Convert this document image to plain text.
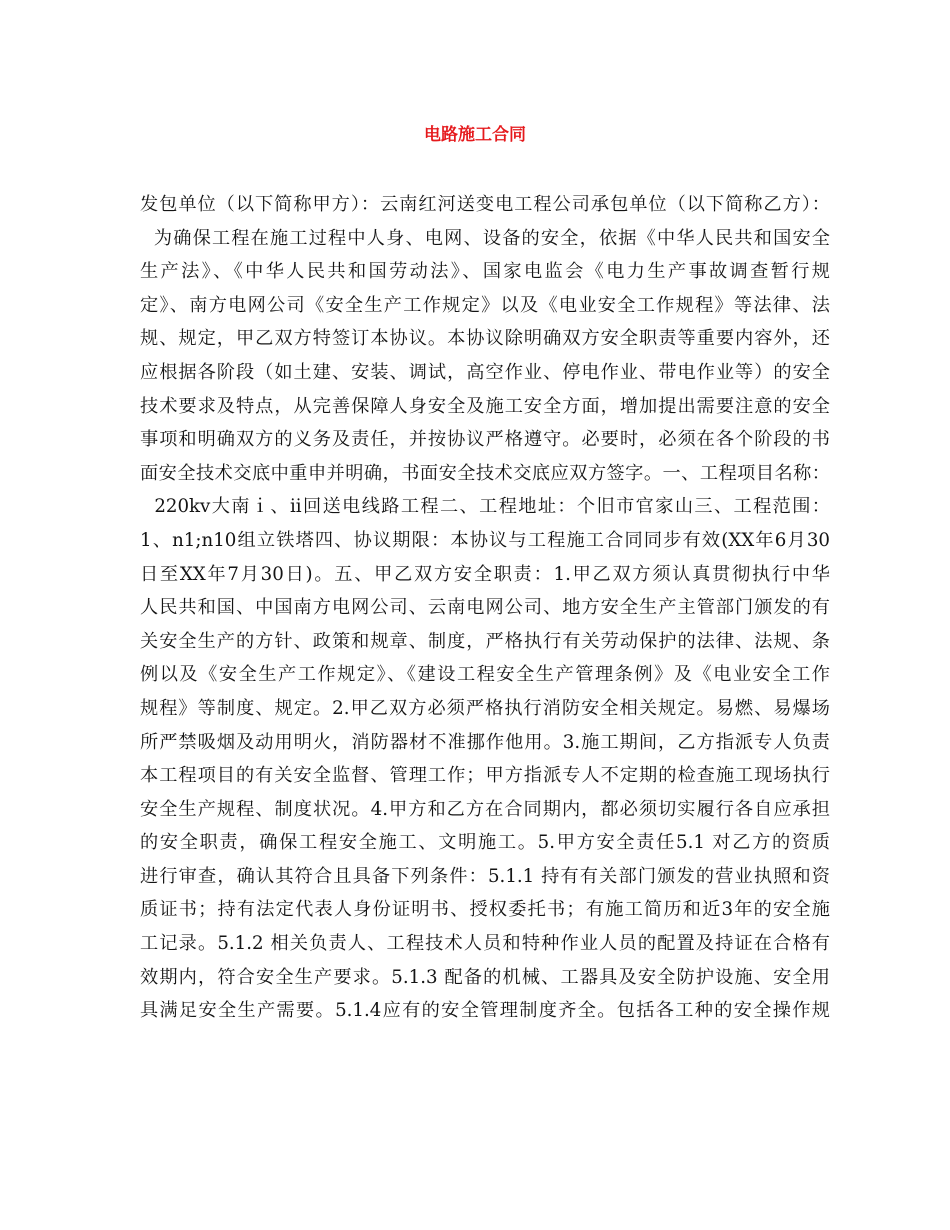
电路施工合同
发包单位（以下简称甲方）：云南红河送变电工程公司承包单位（以下简称乙方）：
为确保工程在施工过程中人身、电网、设备的安全，依据《中华人民共和国安全
生产法》、《中华人民共和国劳动法》、国家电监会《电力生产事故调查暂行规
定》、南方电网公司《安全生产工作规定》以及《电业安全工作规程》等法律、法
规、规定，甲乙双方特签订本协议。本协议除明确双方安全职责等重要内容外，还
应根据各阶段（如土建、安装、调试，高空作业、停电作业、带电作业等）的安全
技术要求及特点，从完善保障人身安全及施工安全方面，增加提出需要注意的安全
事项和明确双方的义务及责任，并按协议严格遵守。必要时，必须在各个阶段的书
面安全技术交底中重申并明确，书面安全技术交底应双方签字。一、工程项目名称：
220kv大南ｉ、ii回送电线路工程二、工程地址：个旧市官家山三、工程范围：
1、n1;n10组立铁塔四、协议期限：本协议与工程施工合同同步有效(XX年6月30
日至XX年7月30日)。五、甲乙双方安全职责：1.甲乙双方须认真贯彻执行中华
人民共和国、中国南方电网公司、云南电网公司、地方安全生产主管部门颁发的有
关安全生产的方针、政策和规章、制度，严格执行有关劳动保护的法律、法规、条
例以及《安全生产工作规定》、《建设工程安全生产管理条例》及《电业安全工作
规程》等制度、规定。2.甲乙双方必须严格执行消防安全相关规定。易燃、易爆场
所严禁吸烟及动用明火，消防器材不准挪作他用。3.施工期间，乙方指派专人负责
本工程项目的有关安全监督、管理工作；甲方指派专人不定期的检查施工现场执行
安全生产规程、制度状况。4.甲方和乙方在合同期内，都必须切实履行各自应承担
的安全职责，确保工程安全施工、文明施工。5.甲方安全责任5.1 对乙方的资质
进行审查，确认其符合且具备下列条件：5.1.1 持有有关部门颁发的营业执照和资
质证书；持有法定代表人身份证明书、授权委托书；有施工简历和近3年的安全施
工记录。5.1.2 相关负责人、工程技术人员和特种作业人员的配置及持证在合格有
效期内，符合安全生产要求。5.1.3 配备的机械、工器具及安全防护设施、安全用
具满足安全生产需要。5.1.4应有的安全管理制度齐全。包括各工种的安全操作规
